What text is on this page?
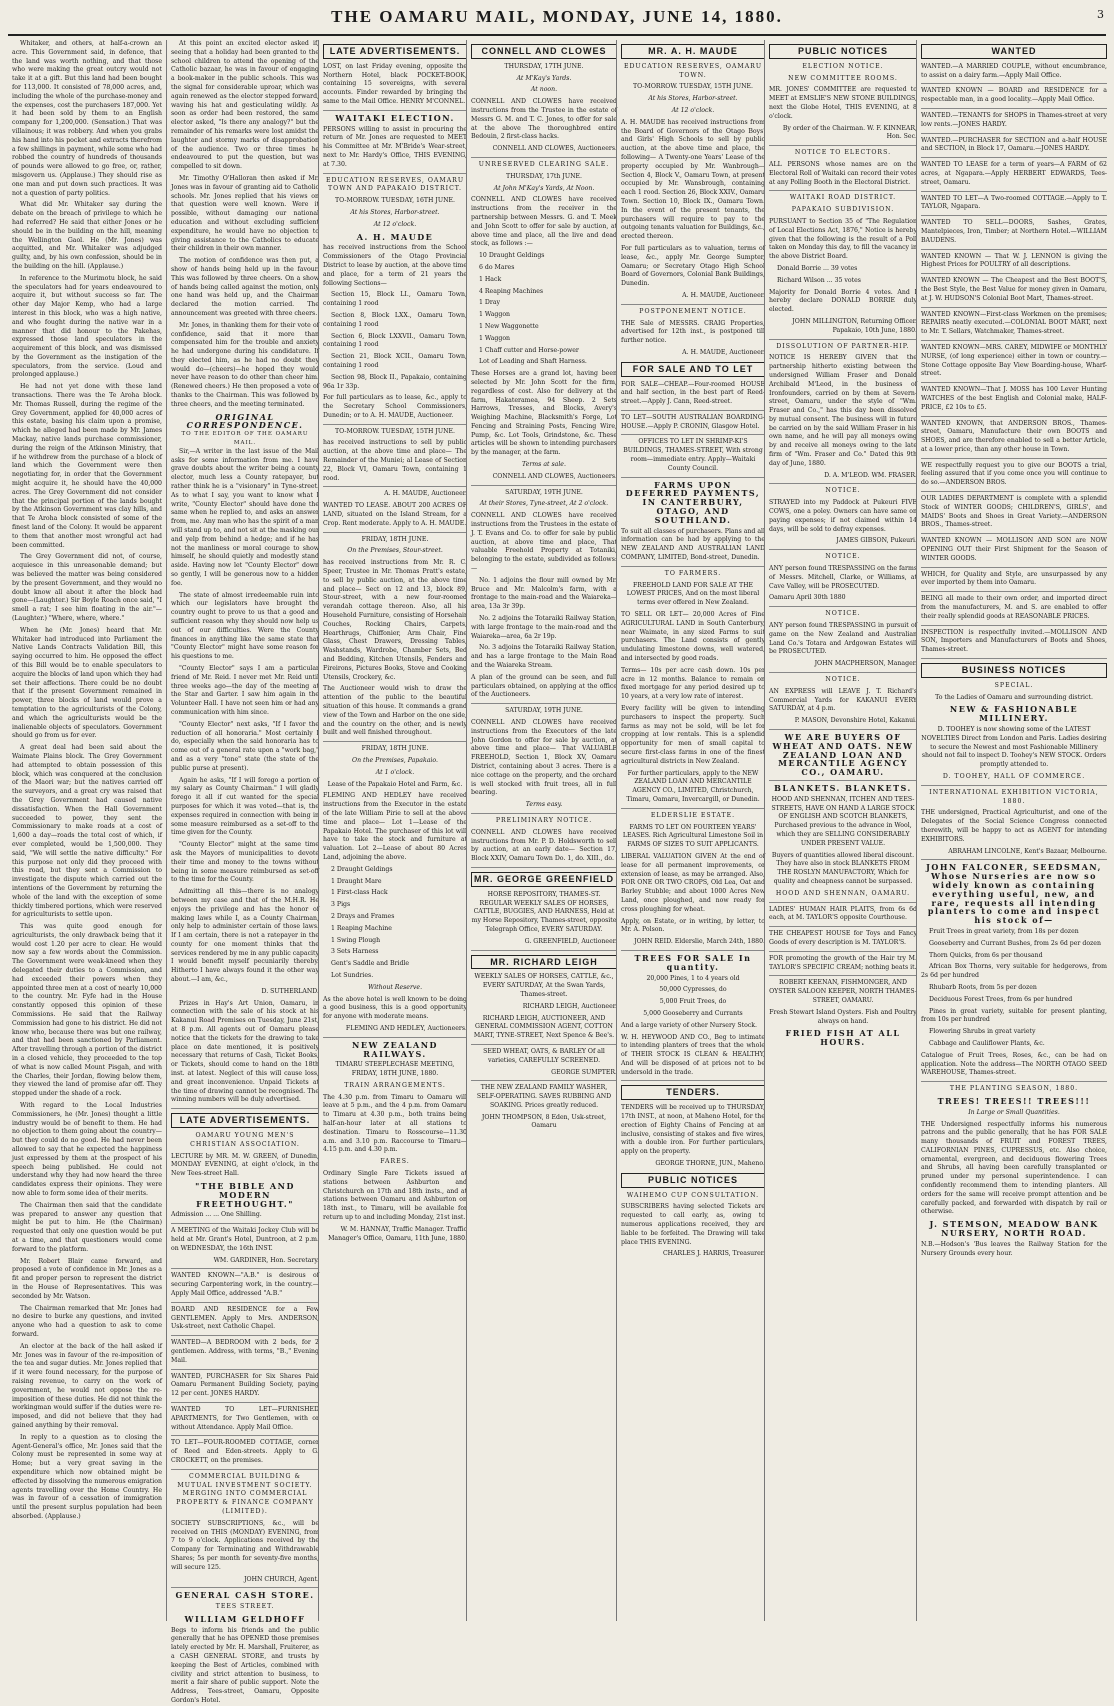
THE OAMARU MAIL, MONDAY, JUNE 14, 1880.	3

Whitaker, and others, at half-a-crown an acre. This Government said, in defence, that the land was worth nothing, and that those who were making the great outcry would not take it at a gift. But this land had been bought for 113,000. It consisted of 78,000 acres, and, including the whole of the purchase-money and the expenses, cost the purchasers 187,000. Yet it had been sold by them to an English company for 1,200,000. (Sensation.) That was villainous; it was robbery. And when you grabs his hand into his pocket and extracts therefrom a few shillings in payment, while some who had robbed the country of hundreds of thousands of pounds were allowed to go free, or, rather, misgovern us. (Applause.) They should rise as one man and put down such practices. It was not a question of party politics.

What did Mr. Whitaker say during the debate on the breach of privilege to which he had referred? He said that either Jones or he should be in the building on the hill, meaning the Wellington Gaol. He (Mr. Jones) was acquitted, and Mr. Whitaker was adjudged guilty, and, by his own confession, should be in the building on the hill. (Applause.)

In reference to the Murimotu block, he said the speculators had for years endeavoured to acquire it, but without success so far. The other day Major Kemp, who had a large interest in this block, who was a high native, and who fought during the native war in a manner that did honour to the Pakehas, expressed those land speculators in the acquirement of this block, and was dismissed by the Government as the instigation of the speculators, from the service. (Loud and prolonged applause.)

He had not yet done with these land transactions. There was the Te Aroha block. Mr. Thomas Russell, during the regime of the Grey Government, applied for 40,000 acres of this estate, basing his claim upon a promise, which he alleged had been made by Mr. James Mackay, native lands purchase commissioner, during the reign of the Atkinson Ministry, that if he withdrew from the purchase of a block of land which the Government were then negotiating for, in order that the Government might acquire it, he should have the 40,000 acres. The Grey Government did not consider that the principal portion of the lands bought by the Atkinson Government was clay hills, and that Te Aroha block consisted of some of the finest land of the Colony. It would be apparent to them that another most wrongful act had been committed.

The Grey Government did not, of course, acquiesce in this unreasonable demand; but was believed the matter was being considered by the present Government, and they would no doubt know all about it after the block had gone—(Laughter.) Sir Boyle Roach once said, "I smell a rat; I see him floating in the air."—(Laughter.) "Where, where, where."

When he (Mr. Jones) heard that Mr. Whitaker had introduced into Parliament the Native Lands Contracts Validation Bill, this saying occurred to him. He opposed the effect of this Bill would be to enable speculators to acquire the blocks of land upon which they had set their affections. There could be no doubt that if the present Government remained in power, three blocks of land would prove a temptation to the agriculturists of the Colony, and which the agriculturists would be the inalienable objects of speculators. Government should go from us for ever.

A great deal had been said about the Waimate Plains block. The Grey Government had attempted to obtain possession of this block, which was conquered at the conclusion of the Maori war; but the natives carried off the surveyors, and a great cry was raised that the Grey Government had caused native dissatisfaction. When the Hall Government succeeded to power, they sent the Commissionary to make roads at a cost of 1,600 a day—roads the total cost of which, if ever completed, would be 1,500,000. They said, "We will settle the native difficulty." For this purpose not only did they proceed with this road, but they sent a Commission to investigate the dispute which carried out the intentions of the Government by returning the whole of the land with the exception of some thickly timbered portions, which were reserved for agriculturists to settle upon.

This was quite good enough for agriculturists, the only drawback being that it would cost 1.20 per acre to clear. He would now say a few words about the Commission. The Government were weak-kneed when they delegated their duties to a Commission, and had exceeded their powers when they appointed three men at a cost of nearly 10,000 to the country. Mr. Fyfe had in the House constantly opposed this opinion of these Commissions. He said that the Railway Commission had gone to his district. He did not know who, because there was but one railway, and that had been sanctioned by Parliament. After travelling through a portion of the district in a closed vehicle, they proceeded to the top of what is now called Mount Pisgah, and with the Charles, their Jordan, flowing below them, they viewed the land of promise afar off. They stopped under the shade of a rock.

With regard to the Local Industries Commissioners, he (Mr. Jones) thought a little industry would be of benefit to them. He had no objection to them going about the country—but they could do no good. He had never been allowed to say that he expected the happiness just expressed by them at the prospect of his speech being published. He could not understand why they had now heard the three candidates express their opinions. They were now able to form some idea of their merits.

The Chairman then said that the candidate was prepared to answer any question that might be put to him. He (the Chairman) requested that only one question would be put at a time, and that questioners would come forward to the platform.

Mr. Robert Blair came forward, and proposed a vote of confidence in Mr. Jones as a fit and proper person to represent the district in the House of Representatives. This was seconded by Mr. Watson.

The Chairman remarked that Mr. Jones had no desire to burke any questions, and invited anyone who had a question to ask to come forward.

An elector at the back of the hall asked if Mr. Jones was in favour of the re-imposition of the tea and sugar duties. Mr. Jones replied that if it were found necessary, for the purpose of raising revenue, to carry on the work of government, he would not oppose the re-imposition of these duties. He did not think the workingman would suffer if the duties were re-imposed, and did not believe that they had gained anything by their removal.

In reply to a question as to closing the Agent-General's office, Mr. Jones said that the Colony must be represented in some way at Home; but a very great saving in the expenditure which now obtained might be effected by dissolving the numerous emigration agents travelling over the Home Country. He was in favour of a cessation of immigration until the present surplus population had been absorbed. (Applause.)

At this point an excited elector asked if, seeing that a holiday had been granted to the school children to attend the opening of the Catholic bazaar, he was in favour of engaging a book-maker in the public schools. This was the signal for considerable uproar, which was again renewed as the elector stepped forward, waving his hat and gesticulating wildly. As soon as order had been restored, the same elector asked, "Is there any analogy?" but the remainder of his remarks were lost amidst the laughter and stormy marks of disapprobation of the audience. Two or three times he endeavoured to put the question, but was compelled to sit down.

Mr. Timothy O'Halloran then asked if Mr. Jones was in favour of granting aid to Catholic schools. Mr. Jones replied that his views on that question were well known. Were it possible, without damaging our national education and without excluding sufficient expenditure, he would have no objection to giving assistance to the Catholics to educate their children in their own manner.

The motion of confidence was then put, a show of hands being held up in the favour. This was followed by three cheers. On a show of hands being called against the motion, only one hand was held up, and the Chairman declared the motion carried. The announcement was greeted with three cheers.

Mr. Jones, in thanking them for their vote of confidence, said that it more than compensated him for the trouble and anxiety he had undergone during his candidature. If they elected him, as he had no doubt they would do—(cheers)—he hoped they would never have reason to do other than cheer him. (Renewed cheers.) He then proposed a vote of thanks to the Chairman. This was followed by three cheers, and the meeting terminated.

ORIGINAL CORRESPONDENCE.
TO THE EDITOR OF THE OAMARU MAIL.

Sir,—A writer in the last issue of the Mail asks for some information from me. I have grave doubts about the writer being a county elector, much less a County ratepayer, but rather think he is a "visionary" in Tyne-street. As to what I say, you want to know what I write, "County Elector" should have done the same when he replied to, and asks an answer from, me. Any man who has the spirit of a man will stand up to, and not sit at the masking our and yelp from behind a hedge; and if he has not the manliness or moral courage to show himself, he should quietly and modestly stand aside. Having now let "County Elector" down so gently, I will be generous now to a hidden foe.

The state of almost irredeemable ruin into which our legislators have brought the country ought to prove to us that a good and sufficient reason why they should now help us out of our difficulties. Were the County finances in anything like the same state that "County Elector" might have some reason for his questions to me.

"County Elector" says I am a particular friend of Mr. Reid. I never met Mr. Reid until three weeks ago—the day of the meeting at the Star and Garter. I saw him again in the Volunteer Hall. I have not seen him or had any communication with him since.

"County Elector" next asks, "If I favor the reduction of all honoraria." Most certainly I do, especially when the said honoraria has to come out of a general rate upon a "work bag," and as a very "tone" state (the state of the public purse at present).

Again he asks, "If I will forego a portion of my salary as County Chairman." I will gladly forego it all if cut wanted for the special purposes for which it was voted—that is, the expenses required in connection with being in some measure reimbursed as a set-off to the time given for the County.

"County Elector" might at the same time ask the Mayors of municipalities to devote their time and money to the towns without being in some measure reimbursed as set-off to the time for the County.

Admitting all this—there is no analogy between my case and that of the M.H.R. He enjoys the privilege and has the honor of making laws while I, as a County Chairman, only help to administer certain of those laws. If I am certain, there is not a ratepayer in the county for one moment thinks that the services rendered by me in any public capacity I would benefit myself pecuniarily thereby. Hitherto I have always found it the other way about.—I am, &c.,

D. SUTHERLAND.

Prizes in Hay's Art Union, Oamaru, in connection with the sale of his stock at his Kakanui Road Premises on Tuesday, June 21st, at 8 p.m. All agents out of Oamaru please notice that the tickets for the drawing to take place on date mentioned, it is positively necessary that returns of Cash, Ticket Books, or Tickets, should come to hand on the 18th inst. at latest. Neglect of this will cause loss, and great inconvenience. Unpaid Tickets at the time of drawing cannot be recognised. The winning numbers will be duly advertised.

LATE ADVERTISEMENTS.

OAMARU YOUNG MEN'S CHRISTIAN ASSOCIATION.

LECTURE by MR. M. W. GREEN, of Dunedin, MONDAY EVENING, at eight o'clock, in the New Tees-street Hall.

"THE BIBLE AND MODERN FREETHOUGHT."

Admission ... ... One Shilling.

A MEETING of the Waitaki Jockey Club will be held at Mr. Grant's Hotel, Duntroon, at 2 p.m. on WEDNESDAY, the 16th INST.

WM. GARDINER, Hon. Secretary.

WANTED KNOWN—"A.B." is desirous of securing Carpentering work, in the country.—Apply Mail Office, addressed "A.B."

BOARD AND RESIDENCE for a Few GENTLEMEN. Apply to Mrs. ANDERSON, Usk-street, next Catholic Chapel.

WANTED—A BEDROOM with 2 beds, for 2 gentlemen. Address, with terms, "B.," Evening Mail.

WANTED, PURCHASER for Six Shares Paid Oamaru Permanent Building Society, paying 12 per cent. JONES HARDY.

WANTED TO LET—FURNISHED APARTMENTS, for Two Gentlemen, with or without Attendance. Apply Mail Office.

TO LET—FOUR-ROOMED COTTAGE, corner of Reed and Eden-streets. Apply to G. CROCKETT, on the premises.

COMMERCIAL BUILDING & MUTUAL INVESTMENT SOCIETY. MERGING INTO COMMERCIAL PROPERTY & FINANCE COMPANY (LIMITED).

SOCIETY SUBSCRIPTIONS, &c., will be received on THIS (MONDAY) EVENING, from 7 to 9 o'clock. Applications received by the Company for Terminating and Withdrawable Shares; 5s per month for seventy-five months, will secure 125.

JOHN CHURCH, Agent.

GENERAL CASH STORE.

TEES STREET.

WILLIAM GELDHOFF

Begs to inform his friends and the public generally that he has OPENED those premises lately erected by Mr. H. Marshall, Fruiterer, as a CASH GENERAL STORE, and trusts by keeping the Best of Articles, combined with civility and strict attention to business, to merit a fair share of public support. Note the Address, Tees-street, Oamaru, Opposite Gordon's Hotel.

LATE ADVERTISEMENTS.

LOST, on last Friday evening, opposite the Northern Hotel, black POCKET-BOOK, containing 15 sovereigns, with several accounts. Finder rewarded by bringing the same to the Mail Office. HENRY M'CONNEL.

WAITAKI ELECTION.

PERSONS willing to assist in procuring the return of Mr. Jones are requested to MEET his Committee at Mr. M'Bride's Wear-street, next to Mr. Hardy's Office, THIS EVENING, at 7.30.

EDUCATION RESERVES, OAMARU TOWN AND PAPAKAIO DISTRICT.

TO-MORROW. TUESDAY, 16TH JUNE.

At his Stores, Harbor-street.

At 12 o'clock.

A. H. MAUDE

has received instructions from the School Commissioners of the Otago Provincial District to lease by auction, at the above time and place, for a term of 21 years the following Sections—

Section 15, Block LI., Oamaru Town, containing 1 rood

Section 8, Block LXX., Oamaru Town, containing 1 rood

Section 6, Block LXXVII., Oamaru Town, containing 1 rood

Section 21, Block XCII., Oamaru Town, containing 1 rood

Section 98, Block II., Papakaio, containing 96a 1r 33p.

For full particulars as to lease, &c., apply to the Secretary School Commissioners, Dunedin; or to A. H. MAUDE, Auctioneer.

TO-MORROW. TUESDAY, 15TH JUNE.

has received instructions to sell by public auction, at the above time and place— The Remainder of the Muniei; al Lease of Section 22, Block VI, Oamaru Town, containing 1 rood.

A. H. MAUDE, Auctioneer.

WANTED TO LEASE. ABOUT 200 ACRES OF LAND, situated on the Island Stream, for a Crop. Rent moderate. Apply to A. H. MAUDE.

FRIDAY, 18TH JUNE.

On the Premises, Stour-street.

has received instructions from Mr. R. C. Speer, Trustee in Mr. Thomas Pratt's estate, to sell by public auction, at the above time and place— Sect on 12 and 13, block 89, Stour-street, with a new four-roomed verandah cottage thereon. Also, all his Household Furniture, consisting of Horsehair Couches, Rocking Chairs, Carpets, Hearthrugs, Chiffonier, Arm Chair, Fine Glass, Chest Drawers, Dressing Tables, Washstands, Wardrobe, Chamber Sets, Bed and Bedding, Kitchen Utensils, Fenders and Fireirons, Pictures Books, Stove and Cooking Utensils, Crockery, &c.

The Auctioneer would wish to draw the attention of the public to the beautiful situation of this house. It commands a grand view of the Town and Harbor on the one side, and the country on the other, and is newly built and well finished throughout.

FRIDAY, 18TH JUNE.

On the Premises, Papakaio.

At 1 o'clock.

Lease of the Papakaio Hotel and Farm, &c.

FLEMING AND HEDLEY have received instructions from the Executor in the estate of the late William Pirie to sell at the above time and place— Lot 1—Lease of the Papakaio Hotel. The purchaser of this lot will have to take the stock and furniture at valuation. Lot 2—Lease of about 80 Acres Land, adjoining the above.

2 Draught Geldings

1 Draught Mare

1 First-class Hack

3 Pigs

2 Drays and Frames

1 Reaping Machine

1 Swing Plough

3 Sets Harness

Gent's Saddle and Bridle

Lot Sundries.

Without Reserve.

As the above hotel is well known to be doing a good business, this is a good opportunity for anyone with moderate means.

FLEMING AND HEDLEY, Auctioneers.

NEW ZEALAND RAILWAYS.

TIMARU STEEPLECHASE MEETING, FRIDAY, 18TH JUNE, 1880.

TRAIN ARRANGEMENTS.

The 4.30 p.m. from Timaru to Oamaru will leave at 5 p.m., and the 4 p.m. from Oamaru to Timaru at 4.30 p.m., both trains being half-an-hour later at all stations to destination. Timaru to Rosscourse—11.30 a.m. and 3.10 p.m. Raccourse to Timaru—4.15 p.m. and 4.30 p.m.

FARES.

Ordinary Single Fare Tickets issued at stations between Ashburton and Christchurch on 17th and 18th insts., and at stations between Oamaru and Ashburton on 18th inst., to Timaru, will be available for return up to and including Monday, 21st inst.

W. M. HANNAY, Traffic Manager. Traffic Manager's Office, Oamaru, 11th June, 1880.

CONNELL AND CLOWES

THURSDAY, 17TH JUNE.

At M'Kay's Yards.

At noon.

CONNELL AND CLOWES have received instructions from the Trustee in the estate of Messrs G. M. and T. C. Jones, to offer for sale at the above The thoroughbred entire Bedouin, 2 first-class hacks.

CONNELL AND CLOWES, Auctioneers.

UNRESERVED CLEARING SALE.

THURSDAY, 17th JUNE.

At John M'Kay's Yards, At Noon.

CONNELL AND CLOWES have received instructions from the receiver in the partnership between Messrs. G. and T. Meek and John Scott to offer for sale by auction, at above time and place, all the live and dead stock, as follows :—

10 Draught Geldings

6 do Mares

1 Hack

4 Reaping Machines

1 Dray

1 Waggon

1 New Waggonette

1 Waggon

1 Chaff cutter and Horse-power

Lot of Leading and Shaft Harness.

These Horses are a grand lot, having been selected by Mr. John Scott for the firm, regardless of cost. Also for delivery at the farm, Hakateramea, 94 Sheep. 2 Sets Harrows, Tresses, and Blocks, Avery's Weighing Machine, Blacksmith's Forge, Lot Fencing and Straining Posts, Fencing Wire, Pump, &c. Lot Tools, Grindstone, &c. These articles will be shown to intending purchasers by the manager, at the farm.

Terms at sale.

CONNELL AND CLOWES, Auctioneers.

SATURDAY, 19TH JUNE.

At their Stores, Tyne-street, At 2 o'clock.

CONNELL AND CLOWES have received instructions from the Trustees in the estate of J. T. Evans and Co. to offer for sale by public auction, at above time and place, That valuable Freehold Property at Totaniki, belonging to the estate, subdivided as follows:—

No. 1 adjoins the flour mill owned by Mr. Bruce and Mr. Malcolm's farm, with a frontage to the main-road and the Waiareka—area, 13a 3r 39p.

No. 2 adjoins the Totaraiki Railway Station, with large frontage to the main-road and the Waiareka—area, 6a 2r 19p.

No. 3 adjoins the Totaraiki Railway Station, and has a large frontage to the Main Road and the Waiareka Stream.

A plan of the ground can be seen, and full particulars obtained, on applying at the office of the Auctioneers.

SATURDAY, 19TH JUNE.

CONNELL AND CLOWES have received instructions from the Executors of the late John Gordon to offer for sale by auction, at above time and place— That VALUABLE FREEHOLD, Section 1, Block XV, Oamaru District, containing about 3 acres. There is a nice cottage on the property, and the orchard is well stocked with fruit trees, all in full bearing.

Terms easy.

PRELIMINARY NOTICE.

CONNELL AND CLOWES have received instructions from Mr. P. D. Holdsworth to sell by auction, at an early date— Section 17, Block XXIV, Oamaru Town Do. 1, do. XIII., do.

MR. GEORGE GREENFIELD

HORSE REPOSITORY, THAMES-ST. REGULAR WEEKLY SALES OF HORSES, CATTLE, BUGGIES, AND HARNESS, Held at my Horse Repository, Thames-street, opposite Telegraph Office, EVERY SATURDAY.

G. GREENFIELD, Auctioneer.

MR. RICHARD LEIGH

WEEKLY SALES OF HORSES, CATTLE, &c., EVERY SATURDAY, At the Swan Yards, Thames-street.

RICHARD LEIGH, Auctioneer.

RICHARD LEIGH, AUCTIONEER, AND GENERAL COMMISSION AGENT, COTTON MART, TYNE-STREET, Next Spence & Bee's.

SEED WHEAT, OATS, & BARLEY Of all varieties, CAREFULLY SCREENED.

GEORGE SUMPTER.

THE NEW ZEALAND FAMILY WASHER, SELF-OPERATING. SAVES RUBBING AND SOAKING. Prices greatly reduced.

JOHN THOMPSON, 8 Eden, Usk-street, Oamaru

MR. A. H. MAUDE

EDUCATION RESERVES, OAMARU TOWN.

TO-MORROW. TUESDAY, 15TH JUNE.

At his Stores, Harbor-street.

At 12 o'clock.

A. H. MAUDE has received instructions from the Board of Governors of the Otago Boys' and Girls' High Schools to sell by public auction, at the above time and place, the following— A Twenty-one Years' Lease of the property occupied by Mr. Wanbrough— Section 4, Block V., Oamaru Town, at present occupied by Mr. Wansbrough, containing each 1 rood. Section 26, Block XXIV., Oamaru Town. Section 10, Block IX., Oamaru Town. In the event of the present tenants, the purchasers will require to pay to the outgoing tenants valuation for Buildings, &c., erected thereon.

For full particulars as to valuation, terms of lease, &c., apply Mr. George Sumpter, Oamaru; or Secretary Otago High School Board of Governors, Colonial Bank Buildings, Dunedin.

A. H. MAUDE, Auctioneer.

POSTPONEMENT NOTICE.

THE Sale of MESSRS. CRAIG Properties, advertised for 12th inst., is postponed till further notice.

A. H. MAUDE, Auctioneer.

FOR SALE AND TO LET

FOR SALE—CHEAP.—Four-roomed HOUSE and half section, in the best part of Reed-street.—Apply J. Cann, Reed-street.

TO LET—SOUTH AUSTRALIAN BOARDING-HOUSE.—Apply P. CRONIN, Glasgow Hotel.

OFFICES TO LET IN SHRIMP-KI'S BUILDINGS, THAMES-STREET, With strong room—immediate entry. Apply—Waitaki County Council.

FARMS UPON DEFERRED PAYMENTS, IN CANTERBURY, OTAGO, AND SOUTHLAND.

To suit all classes of purchasers. Plans and all information can be had by applying to the NEW ZEALAND AND AUSTRALIAN LAND COMPANY, LIMITED, Bond-street, Dunedin.

TO FARMERS.

FREEHOLD LAND FOR SALE AT THE LOWEST PRICES, And on the most liberal terms ever offered in New Zealand.

TO SELL OR LET— 20,000 Acres of Fine AGRICULTURAL LAND in South Canterbury, near Waimate, in any sized Farms to suit purchasers. The Land consists of gently undulating limestone downs, well watered, and intersected by good roads.

Terms— 10s per acre cash down. 10s per acre in 12 months. Balance to remain on fixed mortgage for any period desired up to 10 years, at a very low rate of interest.

Every facility will be given to intending purchasers to inspect the property. Such farms as may not be sold, will be let for cropping at low rentals. This is a splendid opportunity for men of small capital to secure first-class farms in one of the finest agricultural districts in New Zealand.

For further particulars, apply to the NEW ZEALAND LOAN AND MERCANTILE AGENCY CO., LIMITED, Christchurch, Timaru, Oamaru, Invercargill, or Dunedin.

ELDERSLIE ESTATE.

FARMS TO LET ON FOURTEEN YEARS' LEASES. Rich Agricultural Limestone Soil in FARMS OF SIZES TO SUIT APPLICANTS.

LIBERAL VALUATION GIVEN At the end of lease for all permanent improvements, or extension of lease, as may be arranged. Also, FOR ONE OR TWO CROPS, Old Lea, Oat and Barley Stubble; and about 1000 Acres New Land, once ploughed, and now ready for cross ploughing for wheat.

Apply, on Estate, or in writing, by letter, to Mr. A. Polson.

JOHN REID. Elderslie, March 24th, 1880.

TREES FOR SALE In quantity.

20,000 Pines, 1 to 4 years old

50,000 Cypresses, do

5,000 Fruit Trees, do

5,000 Gooseberry and Currants

And a large variety of other Nursery Stock.

W. H. HEYWOOD AND CO., Beg to intimate to intending planters of trees that the whole of THEIR STOCK IS CLEAN & HEALTHY, And will be disposed of at prices not to be undersold in the trade.

TENDERS.

TENDERS will be received up to THURSDAY, 17th INST., at noon, at Maheno Hotel, for the erection of Eighty Chains of Fencing at an inclusive, consisting of stakes and five wires, with a double iron. For further particulars, apply on the property.

GEORGE THORNE, JUN., Maheno.

PUBLIC NOTICES

WAIHEMO CUP CONSULTATION.

SUBSCRIBERS having selected Tickets are requested to call early, as, owing to numerous applications received, they are liable to be forfeited. The Drawing will take place THIS EVENING.

CHARLES J. HARRIS, Treasurer.

PUBLIC NOTICES

ELECTION NOTICE.

NEW COMMITTEE ROOMS.

MR. JONES' COMMITTEE are requested to MEET at EMSLIE'S NEW STONE BUILDINGS, next the Globe Hotel, THIS EVENING, at 8 o'clock.

By order of the Chairman. W. F. KINNEAR, Hon. Sec.

NOTICE TO ELECTORS.

ALL PERSONS whose names are on the Electoral Roll of Waitaki can record their votes at any Polling Booth in the Electoral District.

WAITAKI ROAD DISTRICT.

PAPAKAIO SUBDIVISION.

PURSUANT to Section 35 of "The Regulation of Local Elections Act, 1876," Notice is hereby given that the following is the result of a Poll taken on Monday this day, to fill the vacancy in the above District Board.

Donald Borrie ... 39 votes

Richard Wilson ... 35 votes

Majority for Donald Borrie 4 votes. And I hereby declare DONALD BORRIE duly elected.

JOHN MILLINGTON, Returning Officer. Papakaio, 10th June, 1880.

DISSOLUTION OF PARTNER-HIP.

NOTICE IS HEREBY GIVEN that the partnership hitherto existing between the undersigned William Fraser and Donald Archibald M'Leod, in the business of Ironfounders, carried on by them at Severn-street, Oamaru, under the style of "Wm. Fraser and Co.," has this day been dissolved by mutual consent. The business will in future be carried on by the said William Fraser in his own name, and he will pay all moneys owing by and receive all moneys owing to the late firm of "Wm. Fraser and Co." Dated this 9th day of June, 1880.

D. A. M'LEOD. WM. FRASER.

NOTICE.

STRAYED into my Paddock at Pukeuri FIVE COWS, one a poley. Owners can have same on paying expenses; if not claimed within 14 days, will be sold to defray expenses.

JAMES GIBSON, Pukeuri.

NOTICE.

ANY person found TRESPASSING on the farms of Messrs. Mitchell, Clarke, or Williams, at Cave Valley, will be PROSECUTED.

Oamaru April 30th 1880

NOTICE.

ANY person found TRESPASSING in pursuit of game on the New Zealand and Australian Land Co.'s Totara and Ardgowan Estates will be PROSECUTED.

JOHN MACPHERSON, Manager.

NOTICE.

AN EXPRESS will LEAVE J. T. Richard's Commercial Yards for KAKANUI EVERY SATURDAY, at 4 p.m.

P. MASON, Devonshire Hotel, Kakanui.

WE ARE BUYERS OF WHEAT AND OATS. NEW ZEALAND LOAN AND MERCANTILE AGENCY CO., OAMARU.

BLANKETS. BLANKETS.

HOOD AND SHENNAN, ITCHEN AND TEES-STREETS, HAVE ON HAND A LARGE STOCK OF ENGLISH AND SCOTCH BLANKETS, Purchased previous to the advance in Wool, which they are SELLING CONSIDERABLY UNDER PRESENT VALUE.

Buyers of quantities allowed liberal discount. They have also in stock BLANKETS FROM THE ROSLYN MANUFACTORY, Which for quality and cheapness cannot be surpassed.

HOOD AND SHENNAN, OAMARU.

LADIES' HUMAN HAIR PLAITS, from 6s 6d each, at M. TAYLOR'S opposite Courthouse.

THE CHEAPEST HOUSE for Toys and Fancy Goods of every description is M. TAYLOR'S.

FOR promoting the growth of the Hair try M. TAYLOR'S SPECIFIC CREAM; nothing beats it.

ROBERT KEENAN, FISHMONGER, AND OYSTER SALOON KEEPER, NORTH THAMES-STREET, OAMARU.

Fresh Stewart Island Oysters. Fish and Poultry always on hand.

FRIED FISH AT ALL HOURS.

WANTED

WANTED.—A MARRIED COUPLE, without encumbrance, to assist on a dairy farm.—Apply Mail Office.

WANTED KNOWN — BOARD and RESIDENCE for a respectable man, in a good locality.—Apply Mail Office.

WANTED.—TENANTS for SHOPS in Thames-street at very low rents.—JONES HARDY.

WANTED.—PURCHASER for SECTION and a-half HOUSE and SECTION, in Block 17, Oamaru.—JONES HARDY.

WANTED TO LEASE for a term of years—A FARM of 62 acres, at Ngapara.—Apply HERBERT EDWARDS, Tees-street, Oamaru.

WANTED TO LET—A Two-roomed COTTAGE.—Apply to T. TAYLOR, Ngapara.

WANTED TO SELL—DOORS, Sashes, Grates, Mantelpieces, Iron, Timber; at Northern Hotel.—WILLIAM BAUDENS.

WANTED KNOWN — That W. J. LENNON is giving the Highest Prices for POULTRY of all descriptions.

WANTED KNOWN — The Cheapest and the Best BOOT'S, the Best Style, the Best Value for money given in Oamaru, at J. W. HUDSON'S Colonial Boot Mart, Thames-street.

WANTED KNOWN—First-class Workmen on the premises; REPAIRS neatly executed.—COLONIAL BOOT MART, next to Mr. T. Sellars, Watchmaker, Thames-street.

WANTED KNOWN—MRS. CAREY, MIDWIFE or MONTHLY NURSE, (of long experience) either in town or country.—Stone Cottage opposite Bay View Boarding-house, Wharf-street.

WANTED KNOWN—That J. MOSS has 100 Lever Hunting WATCHES of the best English and Colonial make, HALF-PRICE, £2 10s to £5.

WANTED KNOWN, that ANDERSON BROS., Thames-street, Oamaru, Manufacture their own BOOTS and SHOES, and are therefore enabled to sell a better Article, at a lower price, than any other house in Town.

WE respectfully request you to give our BOOTS a trial, feeling assured that if you come once you will continue to do so.—ANDERSON BROS.

OUR LADIES DEPARTMENT is complete with a splendid Stock of WINTER GOODS; CHILDREN'S, GIRLS', and MAIDS' Boots and Shoes in Great Variety.—ANDERSON BROS., Thames-street.

WANTED KNOWN — MOLLISON AND SON are NOW OPENING OUT their First Shipment for the Season of WINTER GOODS.

WHICH, for Quality and Style, are unsurpassed by any ever imported by them into Oamaru.

BEING all made to their own order, and imported direct from the manufacturers, M. and S. are enabled to offer their really splendid goods at REASONABLE PRICES.

INSPECTION is respectfully invited.—MOLLISON AND SON, Importers and Manufacturers of Boots and Shoes, Thames-street.

BUSINESS NOTICES

SPECIAL.

To the Ladies of Oamaru and surrounding district.

NEW & FASHIONABLE MILLINERY.

D. TOOHEY is now showing some of the LATEST NOVELTIES Direct from London and Paris. Ladies desiring to secure the Newest and most Fashionable Millinery should not fail to inspect D. Toohey's NEW STOCK. Orders promptly attended to.

D. TOOHEY, HALL OF COMMERCE.

INTERNATIONAL EXHIBITION VICTORIA, 1880.

THE undersigned, Practical Agriculturist, and one of the Delegates of the Social Science Congress connected therewith, will be happy to act as AGENT for intending EXHIBITORS.

ABRAHAM LINCOLNE, Kent's Bazaar, Melbourne.

JOHN FALCONER, SEEDSMAN, Whose Nurseries are now so widely known as containing everything useful, new, and rare, requests all intending planters to come and inspect his stock of—

Fruit Trees in great variety, from 18s per dozen

Gooseberry and Currant Bushes, from 2s 6d per dozen

Thorn Quicks, from 6s per thousand

African Box Thorns, very suitable for hedgerows, from 2s 6d per hundred

Rhubarb Roots, from 5s per dozen

Deciduous Forest Trees, from 6s per hundred

Pines in great variety, suitable for present planting, from 10s per hundred

Flowering Shrubs in great variety

Cabbage and Cauliflower Plants, &c.

Catalogue of Fruit Trees, Roses, &c., can be had on application. Note the address—The NORTH OTAGO SEED WAREHOUSE, Thames-street.

THE PLANTING SEASON, 1880.

TREES! TREES!! TREES!!!

In Large or Small Quantities.

THE Undersigned respectfully informs his numerous patrons and the public generally, that he has FOR SALE many thousands of FRUIT and FOREST TREES, CALIFORNIAN PINES, CUPRESSUS, etc. Also choice, ornamental, evergreen, and deciduous flowering Trees and Shrubs, all having been carefully transplanted or pruned under my personal superintendence. I can confidently recommend them to intending planters. All orders for the same will receive prompt attention and be carefully packed, and forwarded with dispatch by rail or otherwise.

J. STEMSON, MEADOW BANK NURSERY, NORTH ROAD.

N.B.—Hodson's 'Bus leaves the Railway Station for the Nursery Grounds every hour.
